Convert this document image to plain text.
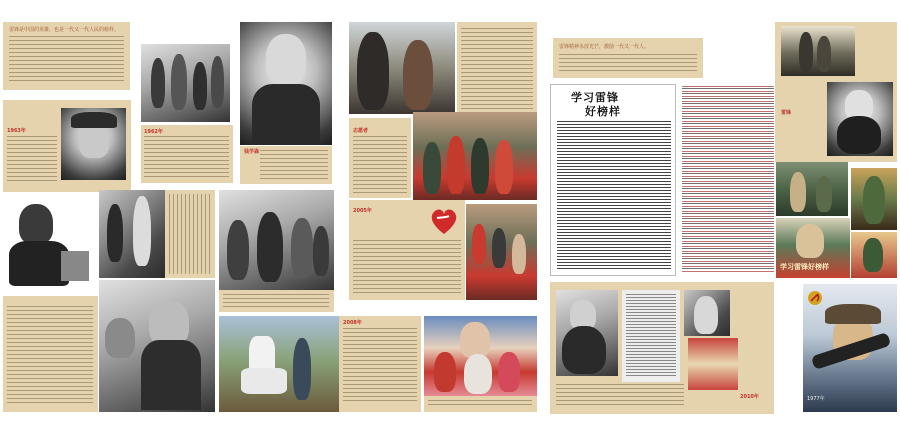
雷锋是中国的英雄，也是一代又一代人民的榜样。
1963年	1962年
钱学森
2008年
志愿者
2005年
雷锋精神永放光芒，激励一代又一代人。
学习雷锋
好榜样
2010年
雷锋
学习雷锋好榜样
1977年
